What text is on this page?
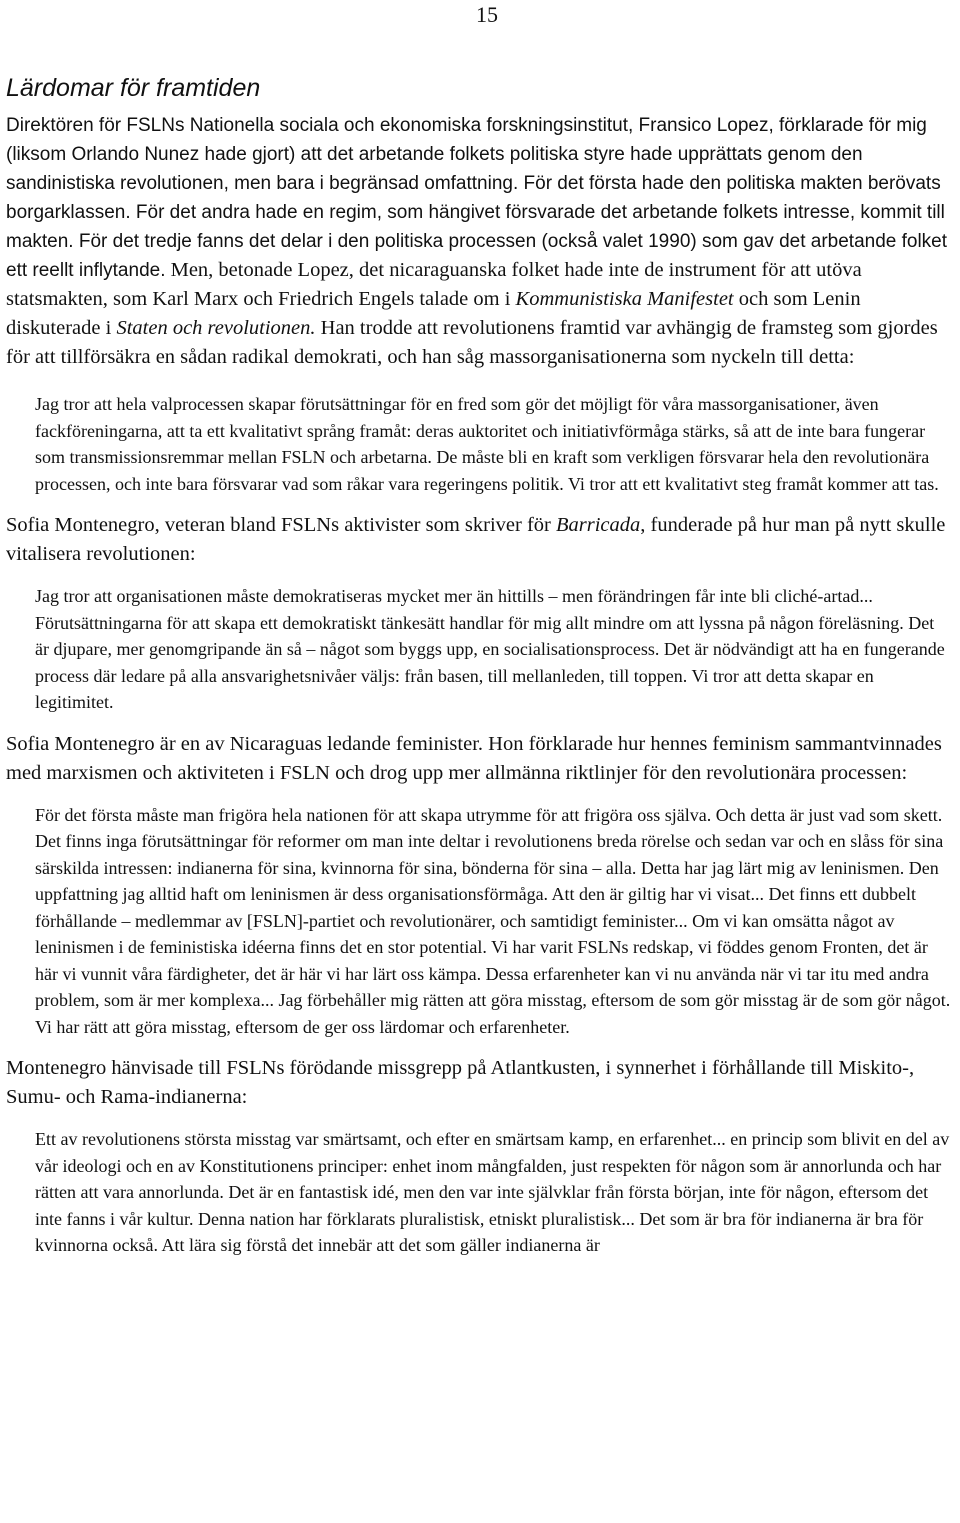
15
Lärdomar för framtiden

Direktören för FSLNs Nationella sociala och ekonomiska forskningsinstitut, Fransico Lopez, förklarade för mig (liksom Orlando Nunez hade gjort) att det arbetande folkets politiska styre hade upprättats genom den sandinistiska revolutionen, men bara i begränsad omfattning. För det första hade den politiska makten berövats borgarklassen. För det andra hade en regim, som hängivet försvarade det arbetande folkets intresse, kommit till makten. För det tredje fanns det delar i den politiska processen (också valet 1990) som gav det arbetande folket ett reellt inflytande. Men, betonade Lopez, det nicaraguanska folket hade inte de instrument för att utöva statsmakten, som Karl Marx och Friedrich Engels talade om i Kommunistiska Manifestet och som Lenin diskuterade i Staten och revolutionen. Han trodde att revolutionens framtid var avhängig de framsteg som gjordes för att tillförsäkra en sådan radikal demokrati, och han såg massorganisationerna som nyckeln till detta:

Jag tror att hela valprocessen skapar förutsättningar för en fred som gör det möjligt för våra massorganisationer, även fackföreningarna, att ta ett kvalitativt språng framåt: deras auktoritet och initiativförmåga stärks, så att de inte bara fungerar som transmissionsremmar mellan FSLN och arbetarna. De måste bli en kraft som verkligen försvarar hela den revolutionära processen, och inte bara försvarar vad som råkar vara regeringens politik. Vi tror att ett kvalitativt steg framåt kommer att tas.

Sofia Montenegro, veteran bland FSLNs aktivister som skriver för Barricada, funderade på hur man på nytt skulle vitalisera revolutionen:

Jag tror att organisationen måste demokratiseras mycket mer än hittills – men förändringen får inte bli cliché-artad... Förutsättningarna för att skapa ett demokratiskt tänkesätt handlar för mig allt mindre om att lyssna på någon föreläsning. Det är djupare, mer genomgripande än så – något som byggs upp, en socialisationsprocess. Det är nödvändigt att ha en fungerande process där ledare på alla ansvarighetsnivåer väljs: från basen, till mellanleden, till toppen. Vi tror att detta skapar en legitimitet.

Sofia Montenegro är en av Nicaraguas ledande feminister. Hon förklarade hur hennes feminism sammantvinnades med marxismen och aktiviteten i FSLN och drog upp mer allmänna riktlinjer för den revolutionära processen:

För det första måste man frigöra hela nationen för att skapa utrymme för att frigöra oss själva. Och detta är just vad som skett. Det finns inga förutsättningar för reformer om man inte deltar i revolutionens breda rörelse och sedan var och en slåss för sina särskilda intressen: indianerna för sina, kvinnorna för sina, bönderna för sina – alla. Detta har jag lärt mig av leninismen. Den uppfattning jag alltid haft om leninismen är dess organisationsförmåga. Att den är giltig har vi visat... Det finns ett dubbelt förhållande – medlemmar av [FSLN]-partiet och revolutionärer, och samtidigt feminister... Om vi kan omsätta något av leninismen i de feministiska idéerna finns det en stor potential. Vi har varit FSLNs redskap, vi föddes genom Fronten, det är här vi vunnit våra färdigheter, det är här vi har lärt oss kämpa. Dessa erfarenheter kan vi nu använda när vi tar itu med andra problem, som är mer komplexa... Jag förbehåller mig rätten att göra misstag, eftersom de som gör misstag är de som gör något. Vi har rätt att göra misstag, eftersom de ger oss lärdomar och erfarenheter.

Montenegro hänvisade till FSLNs förödande missgrepp på Atlantkusten, i synnerhet i förhållande till Miskito-, Sumu- och Rama-indianerna:

Ett av revolutionens största misstag var smärtsamt, och efter en smärtsam kamp, en erfarenhet... en princip som blivit en del av vår ideologi och en av Konstitutionens principer: enhet inom mångfalden, just respekten för någon som är annorlunda och har rätten att vara annorlunda. Det är en fantastisk idé, men den var inte självklar från första början, inte för någon, eftersom det inte fanns i vår kultur. Denna nation har förklarats pluralistisk, etniskt pluralistisk... Det som är bra för indianerna är bra för kvinnorna också. Att lära sig förstå det innebär att det som gäller indianerna är
